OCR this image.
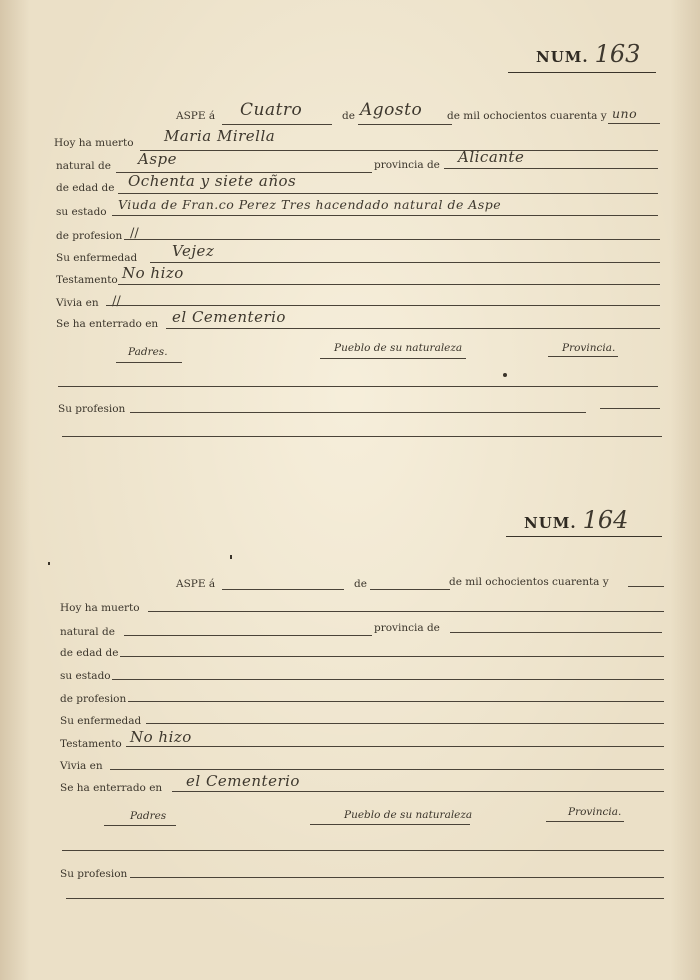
NUM. 163
ASPE á Cuatro	de Agosto de mil ochocientos cuarenta y uno
Hoy ha muerto Maria Mirella
natural de Aspe	provincia de Alicante
de edad de Ochenta y siete años
su estado Viuda de Fran.co Perez Tres hacendado natural de Aspe
de profesion //
Su enfermedad Vejez
Testamento No hizo
Vivia en //
Se ha enterrado en el Cementerio
Padres.	Pueblo de su naturaleza	Provincia.
Su profesion
NUM. 164
ASPE á	de	de mil ochocientos cuarenta y
Hoy ha muerto
natural de	provincia de
de edad de
su estado
de profesion
Su enfermedad
Testamento No hizo
Vivia en
Se ha enterrado en el Cementerio
Padres	Pueblo de su naturaleza	Provincia.
Su profesion
